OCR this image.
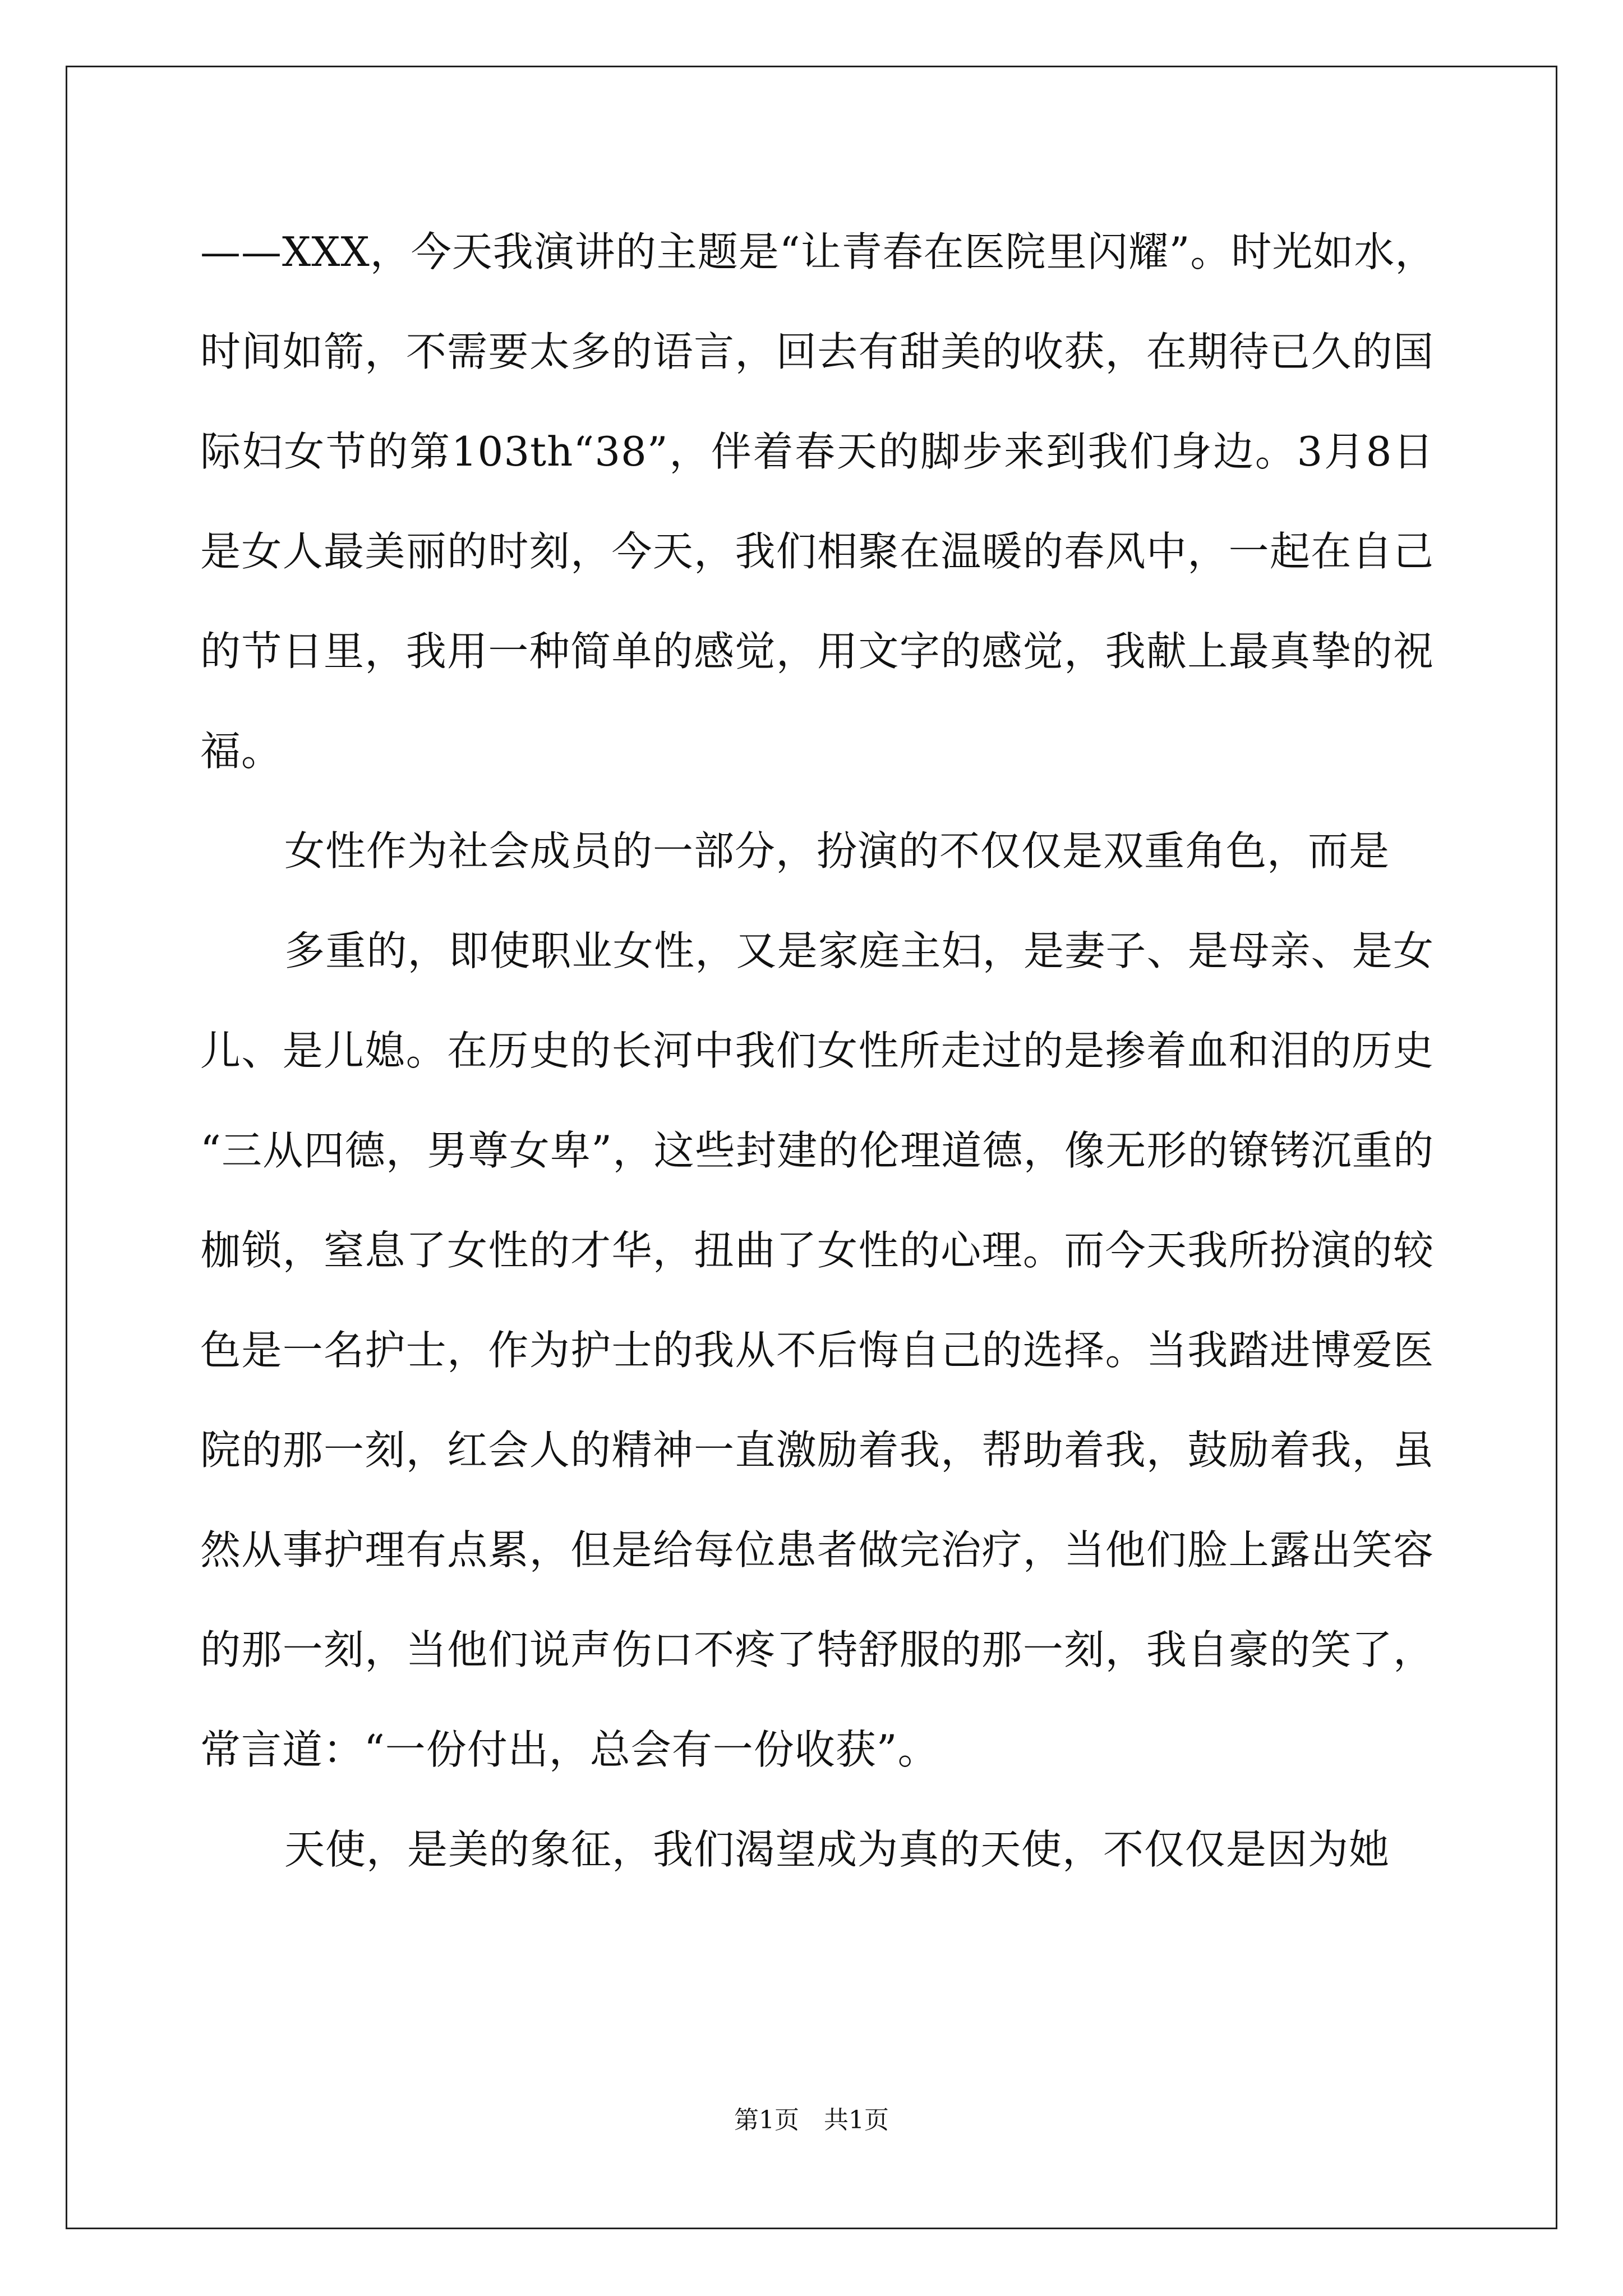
——XXX，今天我演讲的主题是“让青春在医院里闪耀”。时光如水，
时间如箭，不需要太多的语言，回去有甜美的收获，在期待已久的国
际妇女节的第103th“38”，伴着春天的脚步来到我们身边。3月8日
是女人最美丽的时刻，今天，我们相聚在温暖的春风中，一起在自己
的节日里，我用一种简单的感觉，用文字的感觉，我献上最真挚的祝
福。
女性作为社会成员的一部分，扮演的不仅仅是双重角色，而是
多重的，即使职业女性，又是家庭主妇，是妻子、是母亲、是女
儿、是儿媳。在历史的长河中我们女性所走过的是掺着血和泪的历史
“三从四德，男尊女卑”，这些封建的伦理道德，像无形的镣铐沉重的
枷锁，窒息了女性的才华，扭曲了女性的心理。而今天我所扮演的较
色是一名护士，作为护士的我从不后悔自己的选择。当我踏进博爱医
院的那一刻，红会人的精神一直激励着我，帮助着我，鼓励着我，虽
然从事护理有点累，但是给每位患者做完治疗，当他们脸上露出笑容
的那一刻，当他们说声伤口不疼了特舒服的那一刻，我自豪的笑了，
常言道：“一份付出，总会有一份收获”。
天使，是美的象征，我们渴望成为真的天使，不仅仅是因为她
第1页　共1页
